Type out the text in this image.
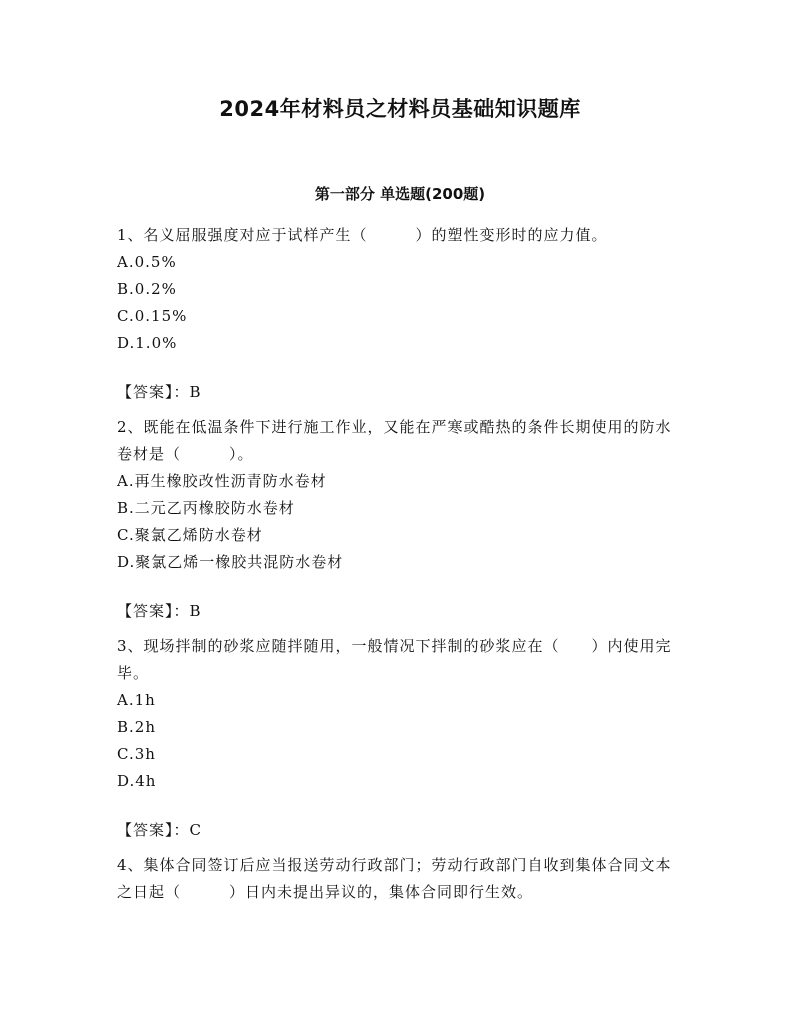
2024年材料员之材料员基础知识题库
第一部分 单选题(200题)

1、名义屈服强度对应于试样产生（　　　）的塑性变形时的应力值。

A.0.5%

B.0.2%

C.0.15%

D.1.0%

【答案】：B

2、既能在低温条件下进行施工作业，又能在严寒或酷热的条件长期使用的防水卷材是（　　　）。

A.再生橡胶改性沥青防水卷材

B.二元乙丙橡胶防水卷材

C.聚氯乙烯防水卷材

D.聚氯乙烯一橡胶共混防水卷材

【答案】：B

3、现场拌制的砂浆应随拌随用，一般情况下拌制的砂浆应在（　　）内使用完毕。

A.1h

B.2h

C.3h

D.4h

【答案】：C

4、集体合同签订后应当报送劳动行政部门；劳动行政部门自收到集体合同文本之日起（　　　）日内未提出异议的，集体合同即行生效。
